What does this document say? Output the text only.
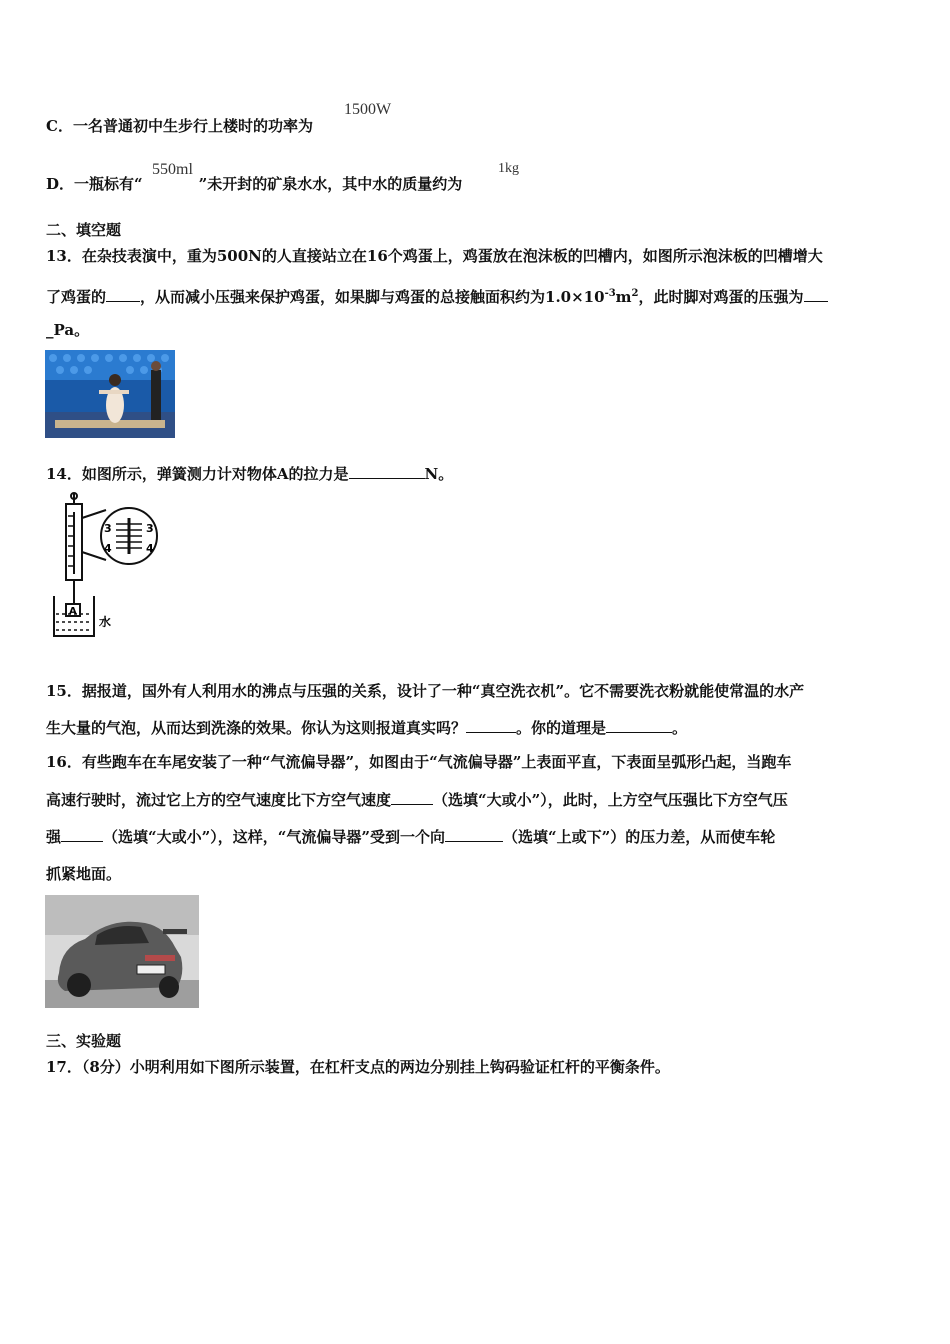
C．一名普通初中生步行上楼时的功率为
1500W
D．一瓶标有“	”未开封的矿泉水水，其中水的质量约为
550ml	1kg
二、填空题
13．在杂技表演中，重为500N的人直接站立在16个鸡蛋上，鸡蛋放在泡沫板的凹槽内，如图所示泡沫板的凹槽增大
了鸡蛋的 ，从而减小压强来保护鸡蛋，如果脚与鸡蛋的总接触面积约为$1.0\times 10^{-3}m^2$，此时脚对鸡蛋的压强为
_Pa。
14．如图所示，弹簧测力计对物体A的拉力是	N。
3	3
4	4
A
水
15．据报道，国外有人利用水的沸点与压强的关系，设计了一种“真空洗衣机”。它不需要洗衣粉就能使常温的水产
生大量的气泡，从而达到洗涤的效果。你认为这则报道真实吗？	。你的道理是	。
16．有些跑车在车尾安装了一种“气流偏导器”，如图由于“气流偏导器”上表面平直，下表面呈弧形凸起，当跑车
高速行驶时，流过它上方的空气速度比下方空气速度	（选填“大或小”），此时，上方空气压强比下方空气压
强	（选填“大或小”），这样，“气流偏导器”受到一个向	（选填“上或下”）的压力差，从而使车轮
抓紧地面。
三、实验题
17．（8分）小明利用如下图所示装置，在杠杆支点的两边分别挂上钩码验证杠杆的平衡条件。
